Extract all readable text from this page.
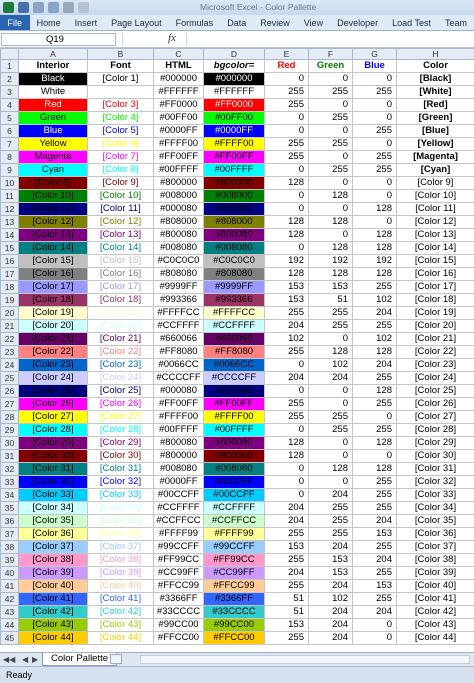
Microsoft Excel - Color Pallette
File	Home	Insert	Page Layout	Formulas	Data	Review	View	Developer	Load Test	Team
Q19	fx
	A	B	C	D	E	F	G	H
1	Interior	Font	HTML	bgcolor=	Red	Green	Blue	Color
2	Black	[Color 1]	#000000	#000000	0	0	0	[Black]
3	White	[Color 2]	#FFFFFF	#FFFFFF	255	255	255	[White]
4	Red	[Color 3]	#FF0000	#FF0000	255	0	0	[Red]
5	Green	[Color 4]	#00FF00	#00FF00	0	255	0	[Green]
6	Blue	[Color 5]	#0000FF	#0000FF	0	0	255	[Blue]
7	Yellow	[Color 6]	#FFFF00	#FFFF00	255	255	0	[Yellow]
8	Magenta	[Color 7]	#FF00FF	#FF00FF	255	0	255	[Magenta]
9	Cyan	[Color 8]	#00FFFF	#00FFFF	0	255	255	[Cyan]
10	[Color 9]	[Color 9]	#800000	#800000	128	0	0	[Color 9]
11	[Color 10]	[Color 10]	#008000	#008000	0	128	0	[Color 10]
12	[Color 11]	[Color 11]	#000080	#000080	0	0	128	[Color 11]
13	[Color 12]	[Color 12]	#808000	#808000	128	128	0	[Color 12]
14	[Color 13]	[Color 13]	#800080	#800080	128	0	128	[Color 13]
15	[Color 14]	[Color 14]	#008080	#008080	0	128	128	[Color 14]
16	[Color 15]	[Color 15]	#C0C0C0	#C0C0C0	192	192	192	[Color 15]
17	[Color 16]	[Color 16]	#808080	#808080	128	128	128	[Color 16]
18	[Color 17]	[Color 17]	#9999FF	#9999FF	153	153	255	[Color 17]
19	[Color 18]	[Color 18]	#993366	#993366	153	51	102	[Color 18]
20	[Color 19]	[Color 19]	#FFFFCC	#FFFFCC	255	255	204	[Color 19]
21	[Color 20]	[Color 20]	#CCFFFF	#CCFFFF	204	255	255	[Color 20]
22	[Color 21]	[Color 21]	#660066	#660066	102	0	102	[Color 21]
23	[Color 22]	[Color 22]	#FF8080	#FF8080	255	128	128	[Color 22]
24	[Color 23]	[Color 23]	#0066CC	#0066CC	0	102	204	[Color 23]
25	[Color 24]	[Color 24]	#CCCCFF	#CCCCFF	204	204	255	[Color 24]
26	[Color 25]	[Color 25]	#000080	#000080	0	0	128	[Color 25]
27	[Color 26]	[Color 26]	#FF00FF	#FF00FF	255	0	255	[Color 26]
28	[Color 27]	[Color 27]	#FFFF00	#FFFF00	255	255	0	[Color 27]
29	[Color 28]	[Color 28]	#00FFFF	#00FFFF	0	255	255	[Color 28]
30	[Color 29]	[Color 29]	#800080	#800080	128	0	128	[Color 29]
31	[Color 30]	[Color 30]	#800000	#800000	128	0	0	[Color 30]
32	[Color 31]	[Color 31]	#008080	#008080	0	128	128	[Color 31]
33	[Color 32]	[Color 32]	#0000FF	#0000FF	0	0	255	[Color 32]
34	[Color 33]	[Color 33]	#00CCFF	#00CCFF	0	204	255	[Color 33]
35	[Color 34]	[Color 34]	#CCFFFF	#CCFFFF	204	255	255	[Color 34]
36	[Color 35]	[Color 35]	#CCFFCC	#CCFFCC	204	255	204	[Color 35]
37	[Color 36]	[Color 36]	#FFFF99	#FFFF99	255	255	153	[Color 36]
38	[Color 37]	[Color 37]	#99CCFF	#99CCFF	153	204	255	[Color 37]
39	[Color 38]	[Color 38]	#FF99CC	#FF99CC	255	153	204	[Color 38]
40	[Color 39]	[Color 39]	#CC99FF	#CC99FF	204	153	255	[Color 39]
41	[Color 40]	[Color 40]	#FFCC99	#FFCC99	255	204	153	[Color 40]
42	[Color 41]	[Color 41]	#3366FF	#3366FF	51	102	255	[Color 41]
43	[Color 42]	[Color 42]	#33CCCC	#33CCCC	51	204	204	[Color 42]
44	[Color 43]	[Color 43]	#99CC00	#99CC00	153	204	0	[Color 43]
45	[Color 44]	[Color 44]	#FFCC00	#FFCC00	255	204	0	[Color 44]
◀◀ ◀ ▶	Color Pallette
Ready
